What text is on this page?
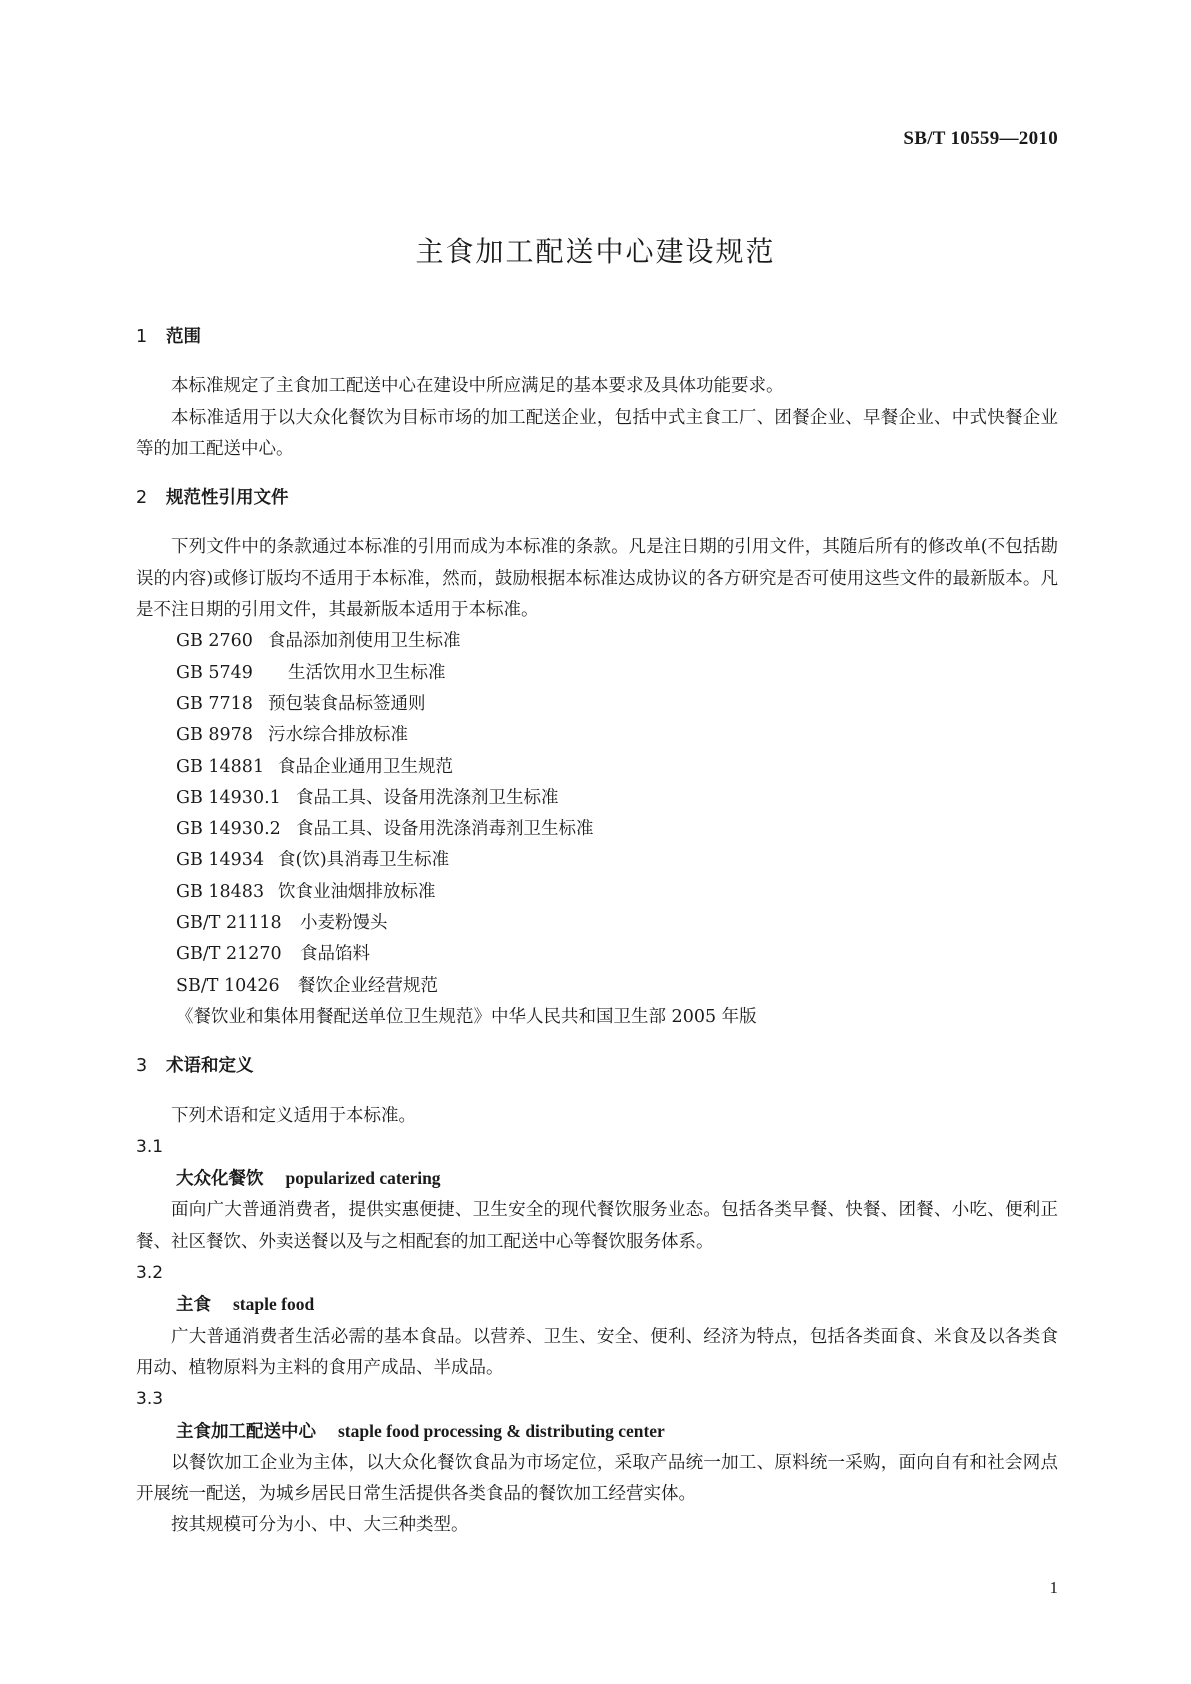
SB/T 10559—2010
主食加工配送中心建设规范
1 范围

本标准规定了主食加工配送中心在建设中所应满足的基本要求及具体功能要求。

本标准适用于以大众化餐饮为目标市场的加工配送企业，包括中式主食工厂、团餐企业、早餐企业、中式快餐企业等的加工配送中心。

2 规范性引用文件

下列文件中的条款通过本标准的引用而成为本标准的条款。凡是注日期的引用文件，其随后所有的修改单(不包括勘误的内容)或修订版均不适用于本标准，然而，鼓励根据本标准达成协议的各方研究是否可使用这些文件的最新版本。凡是不注日期的引用文件，其最新版本适用于本标准。

GB 2760 食品添加剂使用卫生标准
GB 5749 生活饮用水卫生标准
GB 7718 预包装食品标签通则
GB 8978 污水综合排放标准
GB 14881 食品企业通用卫生规范
GB 14930.1 食品工具、设备用洗涤剂卫生标准
GB 14930.2 食品工具、设备用洗涤消毒剂卫生标准
GB 14934 食(饮)具消毒卫生标准
GB 18483 饮食业油烟排放标准
GB/T 21118 小麦粉馒头
GB/T 21270 食品馅料
SB/T 10426 餐饮企业经营规范
《餐饮业和集体用餐配送单位卫生规范》中华人民共和国卫生部 2005 年版
3 术语和定义

下列术语和定义适用于本标准。

3.1
大众化餐饮 popularized catering

面向广大普通消费者，提供实惠便捷、卫生安全的现代餐饮服务业态。包括各类早餐、快餐、团餐、小吃、便利正餐、社区餐饮、外卖送餐以及与之相配套的加工配送中心等餐饮服务体系。

3.2
主食 staple food

广大普通消费者生活必需的基本食品。以营养、卫生、安全、便利、经济为特点，包括各类面食、米食及以各类食用动、植物原料为主料的食用产成品、半成品。

3.3
主食加工配送中心 staple food processing & distributing center

以餐饮加工企业为主体，以大众化餐饮食品为市场定位，采取产品统一加工、原料统一采购，面向自有和社会网点开展统一配送，为城乡居民日常生活提供各类食品的餐饮加工经营实体。

按其规模可分为小、中、大三种类型。

1
